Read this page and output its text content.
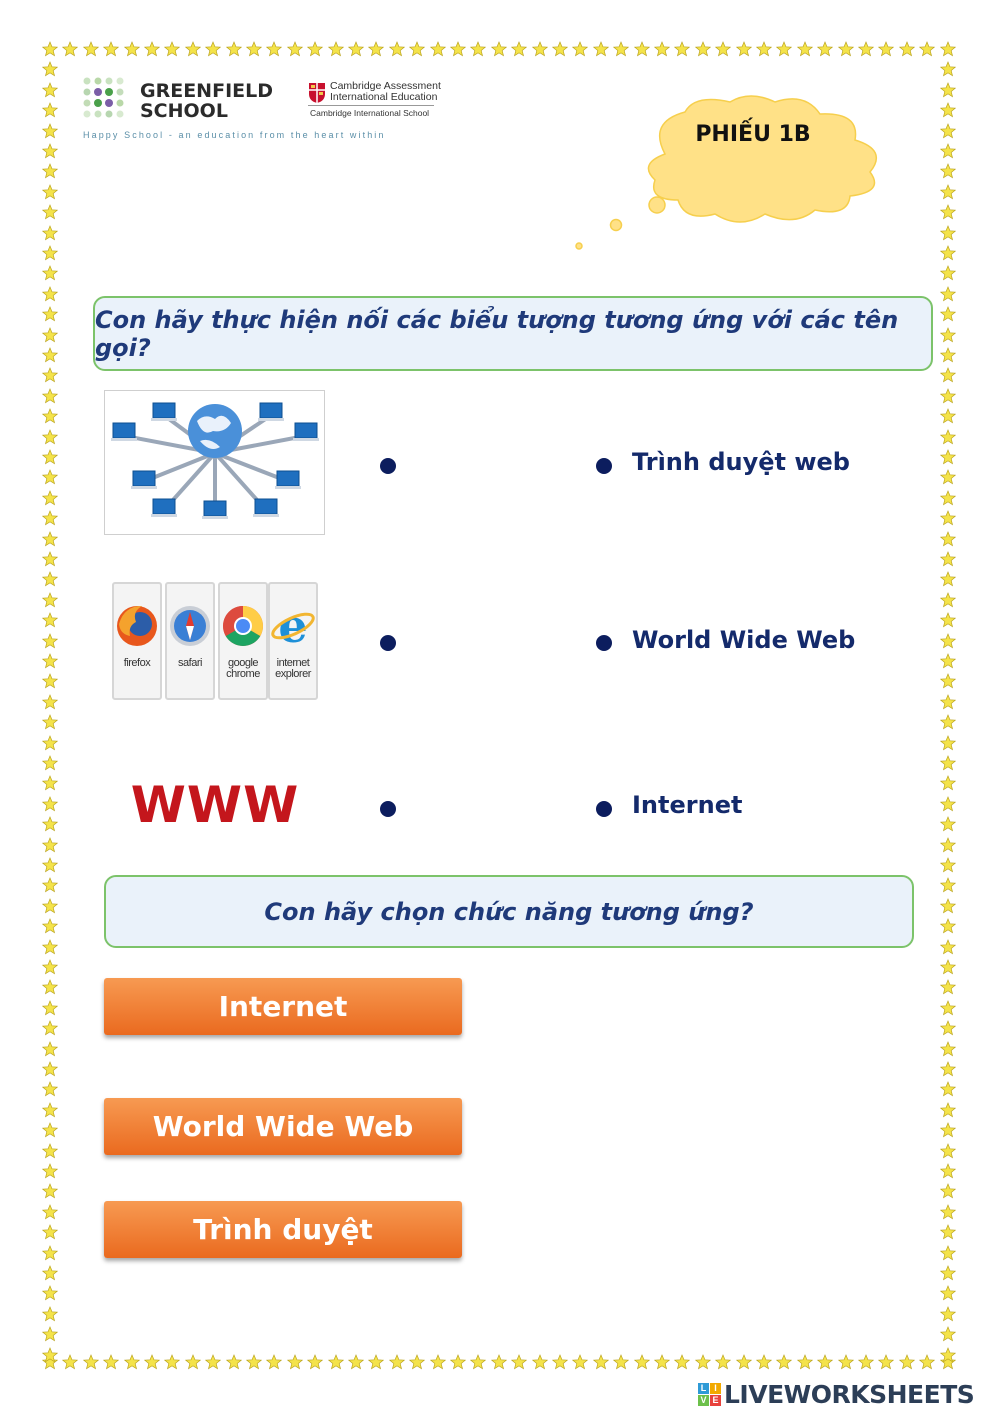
GREENFIELD
SCHOOL
Happy School - an education from the heart within
Cambridge Assessment
International Education
Cambridge International School
PHIẾU 1B
Con hãy thực hiện nối các biểu tượng tương ứng với các tên gọi?
firefox	safari	google
chrome
e
internet
explorer
WWW
Trình duyệt web
World Wide Web
Internet
Con hãy chọn chức năng tương ứng?
Internet
World Wide Web
Trình duyệt
L I
V E LIVEWORKSHEETS
